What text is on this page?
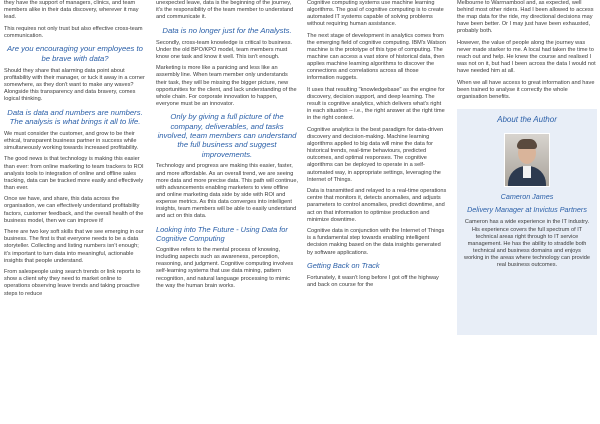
they have the support of managers, clinics, and team members alike in their data discovery, wherever it may lead.

This requires not only trust but also effective cross-team communication.

Are you encouraging your employees to be brave with data?

Should they share that alarming data point about profitability with their manager, or tuck it away in a corner somewhere, as they don't want to make any waves? Alongside this transparency and data bravery, comes logical thinking.

Data is data and numbers are numbers. The analysis is what brings it all to life.

We must consider the customer, and grow to be their ethical, transparent business partner in success while simultaneously working towards increased profitability.

The good news is that technology is making this easier than ever: from online marketing to team trackers to ROI analysis tools to integration of online and offline sales tracking, data can be tracked more easily and effectively than ever.

Once we have, and share, this data across the organisation, we can effectively understand profitability factors, customer feedback, and the overall health of the business model, then we can improve it!

There are two key soft skills that we see emerging in our business. The first is that everyone needs to be a data storyteller. Collecting and listing numbers isn't enough; it's important to turn data into meaningful, actionable insights that people understand.

From salespeople using search trends or link reports to show a client why they need to market online to operations observing leave trends and taking proactive steps to reduce

unexpected leave, data is the beginning of the journey, it's the responsibility of the team member to understand and communicate it.

Data is no longer just for the Analysts.

Secondly, cross-team knowledge is critical to business. Under the old BPO/KPO model, team members must know one task and know it well. This isn't enough.

Marketing is more like a panicing and less like an assembly line. When team member only understands their task, they will be missing the bigger picture, new opportunities for the client, and lack understanding of the whole chain. For corporate innovation to happen, everyone must be an innovator.

Only by giving a full picture of the company, deliverables, and tasks involved, team members can understand the full business and suggest improvements.

Technology and progress are making this easier, faster, and more affordable. As an overall trend, we are seeing more data and more precise data. This path will continue, with advancements enabling marketers to view offline and online marketing data side by side with ROI and expense metrics. As this data converges into intelligent insights, team members will be able to easily understand and act on this data.

Looking into The Future - Using Data for Cognitive Computing

Cognitive refers to the mental process of knowing, including aspects such as awareness, perception, reasoning, and judgment. Cognitive computing involves self-learning systems that use data mining, pattern recognition, and natural language processing to mimic the way the human brain works.

Cognitive computing systems use machine learning algorithms. The goal of cognitive computing is to create automated IT systems capable of solving problems without requiring human assistance.

The next stage of development in analytics comes from the emerging field of cognitive computing. IBM's Watson machine is the prototype of this type of computing. The machine can access a vast store of historical data, then applies machine learning algorithms to discover the connections and correlations across all those information nuggets.

It uses that resulting "knowledgebase" as the engine for discovery, decision support, and deep learning. The result is cognitive analytics, which delivers what's right in each situation -- i.e., the right answer at the right time in the right context.

Cognitive analytics is the best paradigm for data-driven discovery and decision-making. Machine learning algorithms applied to big data will mine the data for historical trends, real-time behaviours, predicted outcomes, and optimal responses. The cognitive algorithms can be deployed to operate in a self-automated way, in appropriate settings, leveraging the Internet of Things.

Data is transmitted and relayed to a real-time operations centre that monitors it, detects anomalies, and adjusts parameters to control anomalies, predict downtime, and act on that information to optimise production and minimize downtime.

Cognitive data in conjunction with the Internet of Things is a fundamental step towards enabling intelligent decision making based on the data insights generated by software applications.

Getting Back on Track

Fortunately, it wasn't long before I got off the highway and back on course for the

Melbourne to Warrnambool and, as expected, well behind most other riders. Had I been allowed to access the map data for the ride, my directional decisions may have been better. Or I may just have been exhausted, probably both.

However, the value of people along the journey was never made starker to me. A local had taken the time to reach out and help. He knew the course and realised I was not on it, but had I been across the data I would not have needed him at all.

When we all have access to great information and have been trained to analyse it correctly the whole organisation benefits.

About the Author

Cameron James

Delivery Manager at Invictus Partners

Cameron has a wide experience in the IT industry. His experience covers the full spectrum of IT technical areas right through to IT service management. He has the ability to straddle both technical and business domains and enjoys working in the areas where technology can provide real business outcomes.
